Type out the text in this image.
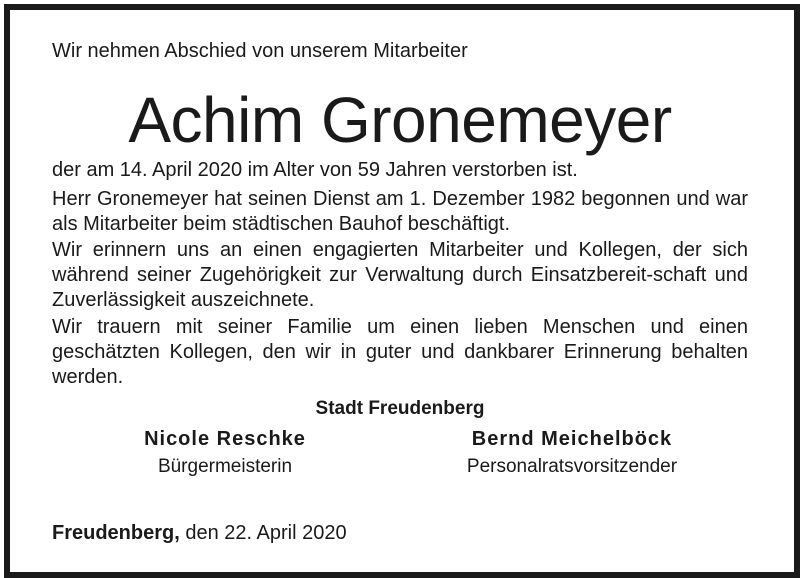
Wir nehmen Abschied von unserem Mitarbeiter
Achim Gronemeyer
der am 14. April 2020 im Alter von 59 Jahren verstorben ist.
Herr Gronemeyer hat seinen Dienst am 1. Dezember 1982 begonnen und war als Mitarbeiter beim städtischen Bauhof beschäftigt.
Wir erinnern uns an einen engagierten Mitarbeiter und Kollegen, der sich während seiner Zugehörigkeit zur Verwaltung durch Einsatzbereit-schaft und Zuverlässigkeit auszeichnete.
Wir trauern mit seiner Familie um einen lieben Menschen und einen geschätzten Kollegen, den wir in guter und dankbarer Erinnerung behalten werden.
Stadt Freudenberg
Nicole Reschke
Bürgermeisterin
Bernd Meichelböck
Personalratsvorsitzender
Freudenberg, den 22. April 2020
